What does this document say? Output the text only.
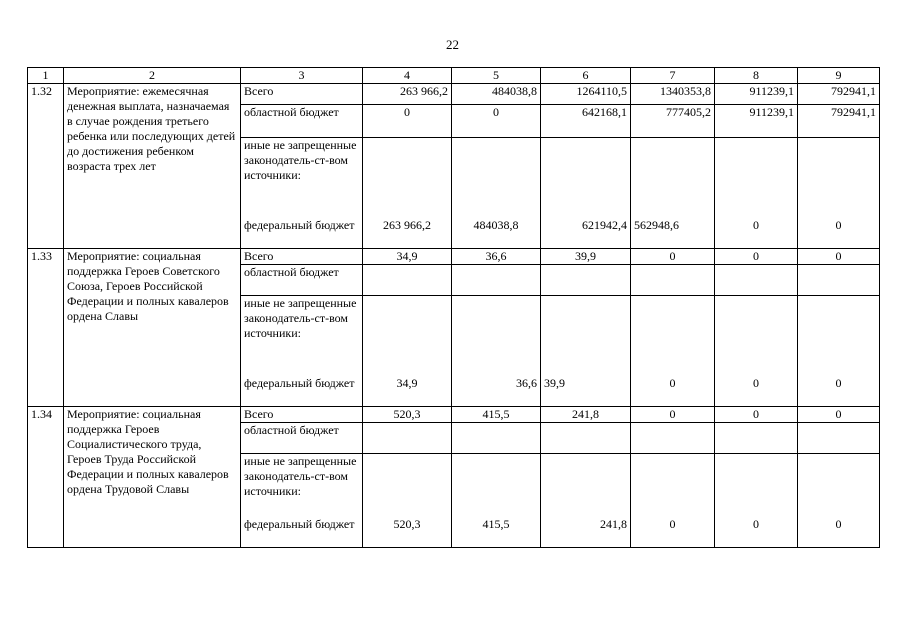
22
1	2	3	4	5	6	7	8	9
1.32	Мероприятие: ежемесячная денежная выплата, назначаемая в случае рождения третьего ребенка или последующих детей до достижения ребенком возраста трех лет	Всего	263 966,2	484038,8	1264110,5	1340353,8	911239,1	792941,1
		областной бюджет	0	0	642168,1	777405,2	911239,1	792941,1
		иные не запрещенные законодатель-ст-вом источники:						
		федеральный бюджет	263 966,2	484038,8	621942,4	562948,6	0	0
1.33	Мероприятие: социальная поддержка Героев Советского Союза, Героев Российской Федерации и полных кавалеров ордена Славы	Всего	34,9	36,6	39,9	0	0	0
		областной бюджет						
		иные не запрещенные законодатель-ст-вом источники:						
		федеральный бюджет	34,9	36,6	39,9	0	0	0
1.34	Мероприятие: социальная поддержка Героев Социалистического труда, Героев Труда Российской Федерации и полных кавалеров ордена Трудовой Славы	Всего	520,3	415,5	241,8	0	0	0
		областной бюджет						
		иные не запрещенные законодатель-ст-вом источники:						
		федеральный бюджет	520,3	415,5	241,8	0	0	0
